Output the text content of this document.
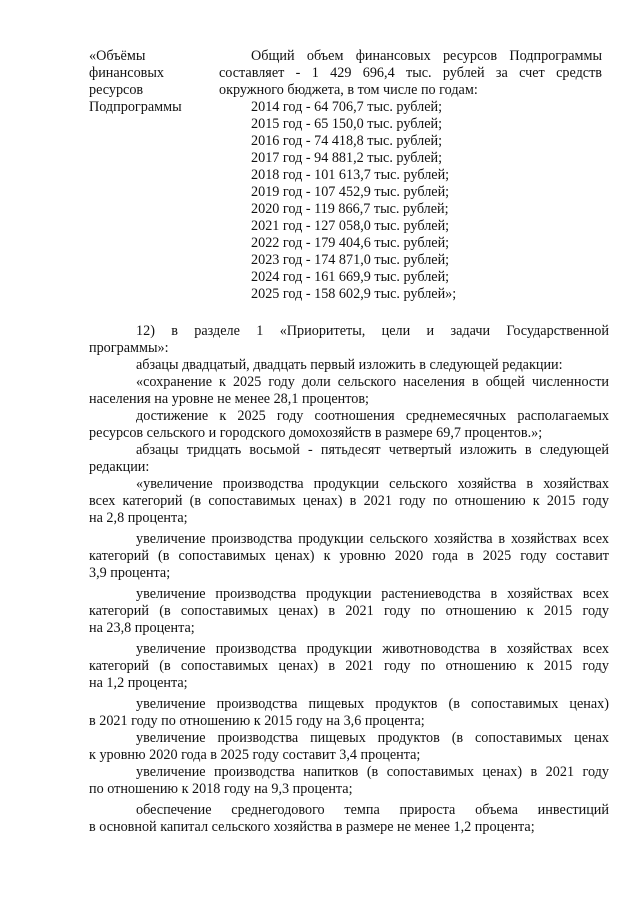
«Объёмы
финансовых
ресурсов
Подпрограммы
Общий объем финансовых ресурсов Подпрограммы
составляет - 1 429 696,4 тыс. рублей за счет средств
окружного бюджета, в том числе по годам:
2014 год - 64 706,7 тыс. рублей;
2015 год - 65 150,0 тыс. рублей;
2016 год - 74 418,8 тыс. рублей;
2017 год - 94 881,2 тыс. рублей;
2018 год - 101 613,7 тыс. рублей;
2019 год - 107 452,9 тыс. рублей;
2020 год - 119 866,7 тыс. рублей;
2021 год - 127 058,0 тыс. рублей;
2022 год - 179 404,6 тыс. рублей;
2023 год - 174 871,0 тыс. рублей;
2024 год - 161 669,9 тыс. рублей;
2025 год - 158 602,9 тыс. рублей»;
12) в разделе 1 «Приоритеты, цели и задачи Государственной
программы»:
абзацы двадцатый, двадцать первый изложить в следующей редакции:
«сохранение к 2025 году доли сельского населения в общей численности
населения на уровне не менее 28,1 процентов;
достижение к 2025 году соотношения среднемесячных располагаемых
ресурсов сельского и городского домохозяйств в размере 69,7 процентов.»;
абзацы тридцать восьмой - пятьдесят четвертый изложить в следующей
редакции:
«увеличение производства продукции сельского хозяйства в хозяйствах
всех категорий (в сопоставимых ценах) в 2021 году по отношению к 2015 году
на 2,8 процента;
увеличение производства продукции сельского хозяйства в хозяйствах всех
категорий (в сопоставимых ценах) к уровню 2020 года в 2025 году составит
3,9 процента;
увеличение производства продукции растениеводства в хозяйствах всех
категорий (в сопоставимых ценах) в 2021 году по отношению к 2015 году
на 23,8 процента;
увеличение производства продукции животноводства в хозяйствах всех
категорий (в сопоставимых ценах) в 2021 году по отношению к 2015 году
на 1,2 процента;
увеличение производства пищевых продуктов (в сопоставимых ценах)
в 2021 году по отношению к 2015 году на 3,6 процента;
увеличение производства пищевых продуктов (в сопоставимых ценах
к уровню 2020 года в 2025 году составит 3,4 процента;
увеличение производства напитков (в сопоставимых ценах) в 2021 году
по отношению к 2018 году на 9,3 процента;
обеспечение среднегодового темпа прироста объема инвестиций
в основной капитал сельского хозяйства в размере не менее 1,2 процента;
